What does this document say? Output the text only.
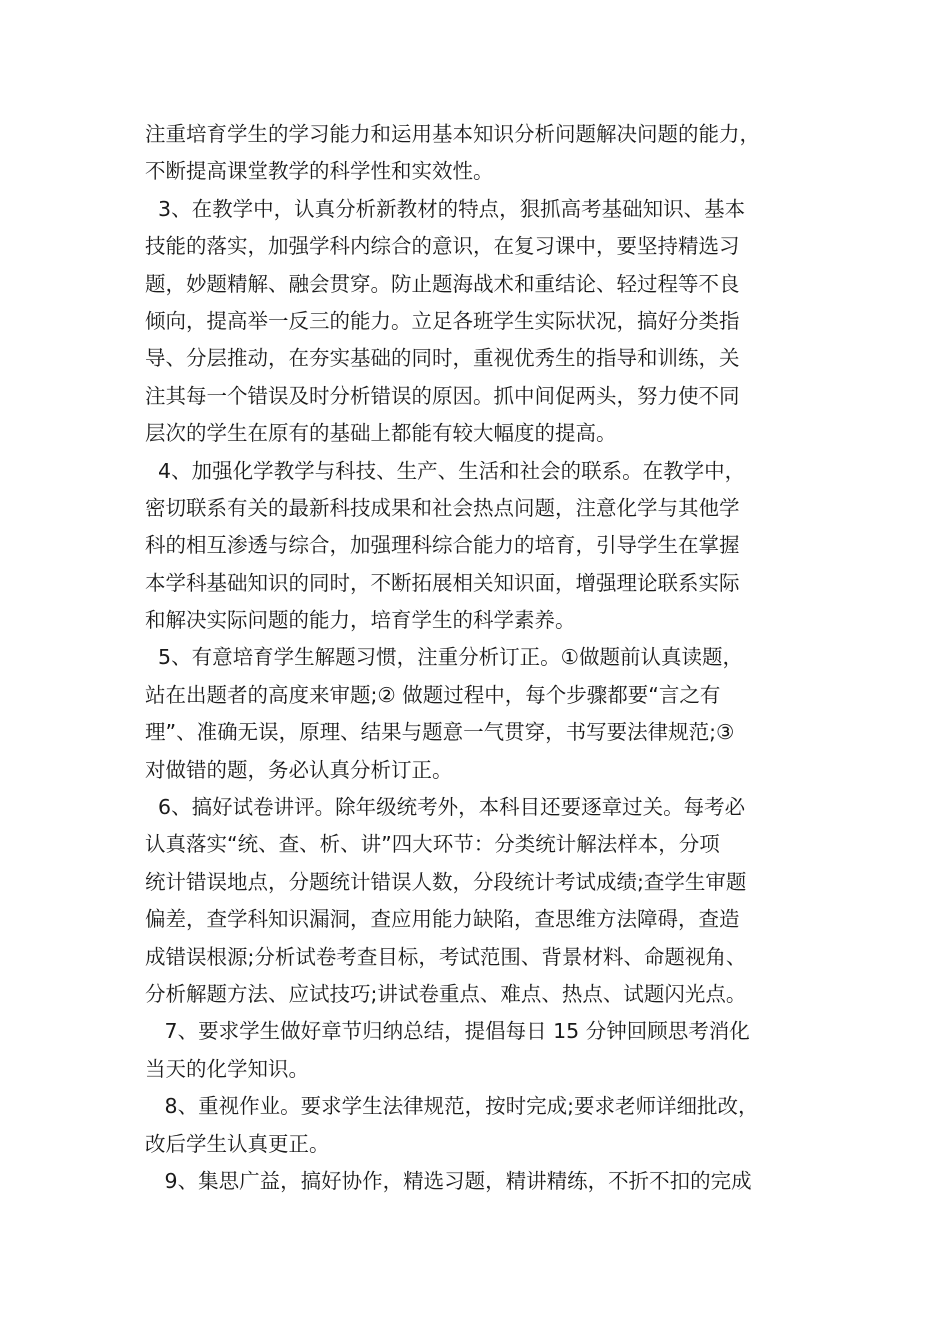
注重培育学生的学习能力和运用基本知识分析问题解决问题的能力，
不断提高课堂教学的科学性和实效性。
3、在教学中，认真分析新教材的特点，狠抓高考基础知识、基本
技能的落实，加强学科内综合的意识，在复习课中，要坚持精选习
题，妙题精解、融会贯穿。防止题海战术和重结论、轻过程等不良
倾向，提高举一反三的能力。立足各班学生实际状况，搞好分类指
导、分层推动，在夯实基础的同时，重视优秀生的指导和训练，关
注其每一个错误及时分析错误的原因。抓中间促两头，努力使不同
层次的学生在原有的基础上都能有较大幅度的提高。
4、加强化学教学与科技、生产、生活和社会的联系。在教学中，
密切联系有关的最新科技成果和社会热点问题，注意化学与其他学
科的相互渗透与综合，加强理科综合能力的培育，引导学生在掌握
本学科基础知识的同时，不断拓展相关知识面，增强理论联系实际
和解决实际问题的能力，培育学生的科学素养。
5、有意培育学生解题习惯，注重分析订正。①做题前认真读题，
站在出题者的高度来审题;② 做题过程中，每个步骤都要“言之有
理”、准确无误，原理、结果与题意一气贯穿，书写要法律规范;③
对做错的题，务必认真分析订正。
6、搞好试卷讲评。除年级统考外，本科目还要逐章过关。每考必
认真落实“统、查、析、讲”四大环节：分类统计解法样本，分项
统计错误地点，分题统计错误人数，分段统计考试成绩;查学生审题
偏差，查学科知识漏洞，查应用能力缺陷，查思维方法障碍，查造
成错误根源;分析试卷考查目标，考试范围、背景材料、命题视角、
分析解题方法、应试技巧;讲试卷重点、难点、热点、试题闪光点。
7、要求学生做好章节归纳总结，提倡每日 15 分钟回顾思考消化
当天的化学知识。
8、重视作业。要求学生法律规范，按时完成;要求老师详细批改，
改后学生认真更正。
9、集思广益，搞好协作，精选习题，精讲精练，不折不扣的完成
